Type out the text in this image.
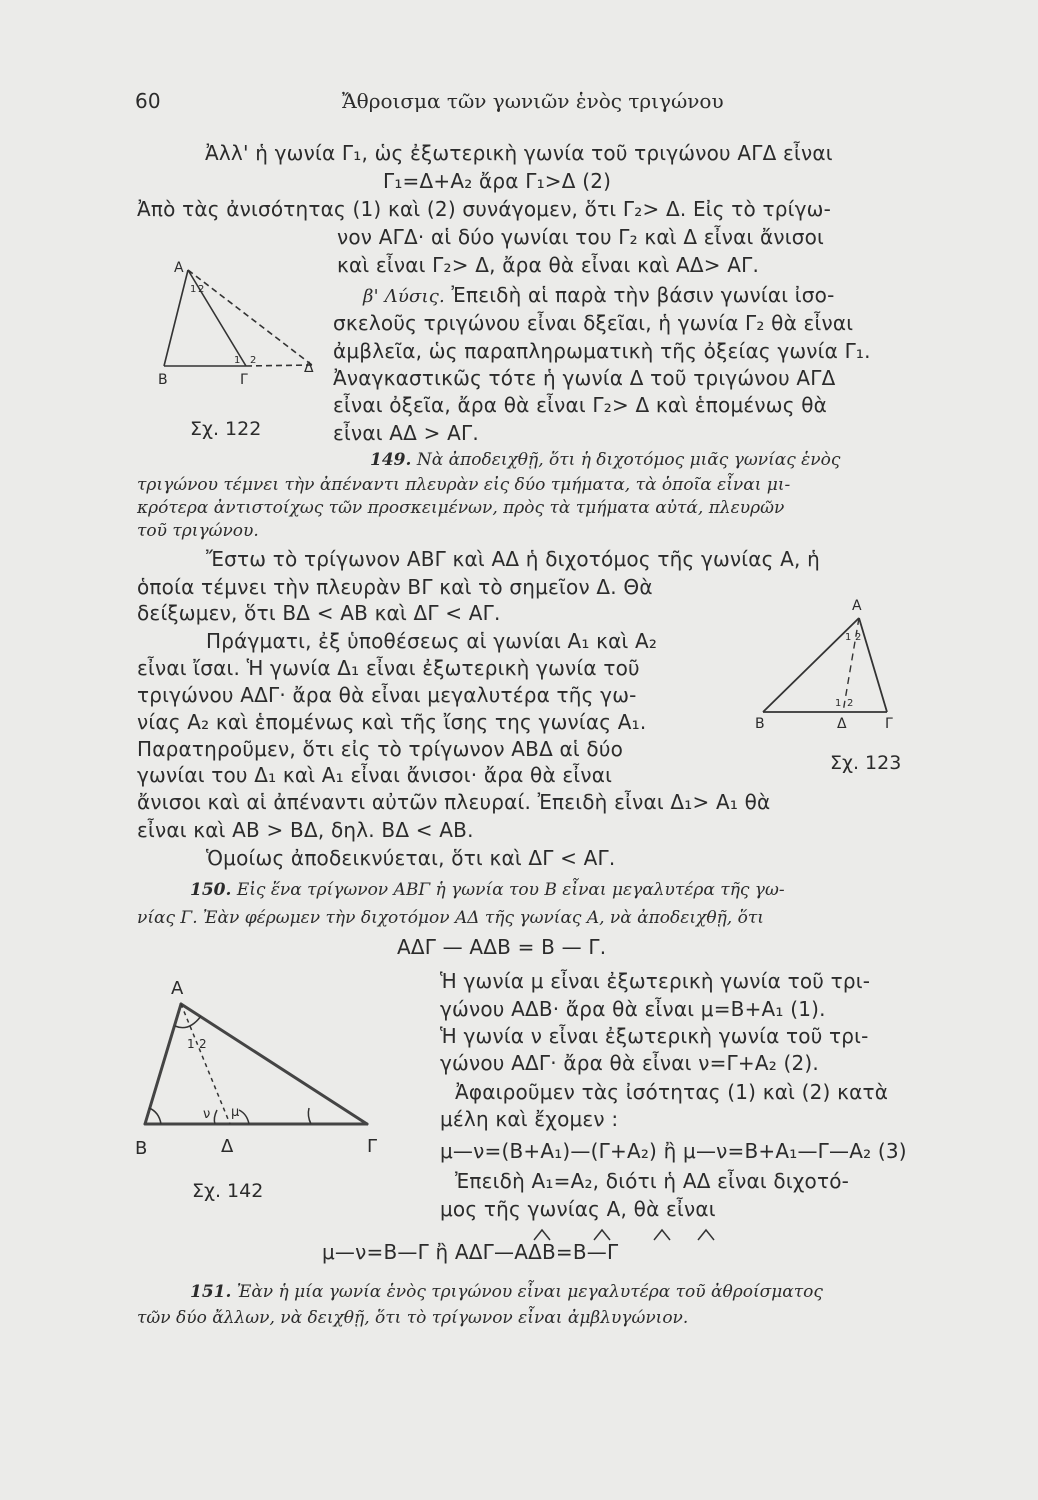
60	Ἄθροισμα τῶν γωνιῶν ἑνὸς τριγώνου
Ἀλλ' ἡ γωνία Γ₁, ὡς ἐξωτερικὴ γωνία τοῦ τριγώνου ΑΓΔ εἶναι
Γ₁=Δ+Α₂ ἄρα Γ₁>Δ (2)
Ἀπὸ τὰς ἀνισότητας (1) καὶ (2) συνάγομεν, ὅτι Γ₂> Δ. Εἰς τὸ τρίγω-
νον ΑΓΔ· αἱ δύο γωνίαι του Γ₂ καὶ Δ εἶναι ἄνισοι
καὶ εἶναι Γ₂> Δ, ἄρα θὰ εἶναι καὶ ΑΔ> ΑΓ.
β' Λύσις. Ἐπειδὴ αἱ παρὰ τὴν βάσιν γωνίαι ἰσο-
σκελοῦς τριγώνου εἶναι δξεῖαι, ἡ γωνία Γ₂ θὰ εἶναι
ἀμβλεῖα, ὡς παραπληρωματικὴ τῆς ὀξείας γωνία Γ₁.
Ἀναγκαστικῶς τότε ἡ γωνία Δ τοῦ τριγώνου ΑΓΔ
εἶναι ὀξεῖα, ἄρα θὰ εἶναι Γ₂> Δ καὶ ἑπομένως θὰ
εἶναι ΑΔ > ΑΓ.
Α
1 2
1 2
Β	Γ
Δ
Σχ. 122
149. Νὰ ἀποδειχθῇ, ὅτι ἡ διχοτόμος μιᾶς γωνίας ἑνὸς
τριγώνου τέμνει τὴν ἀπέναντι πλευρὰν εἰς δύο τμήματα, τὰ ὁποῖα εἶναι μι-
κρότερα ἀντιστοίχως τῶν προσκειμένων, πρὸς τὰ τμήματα αὐτά, πλευρῶν
τοῦ τριγώνου.
Ἔστω τὸ τρίγωνον ΑΒΓ καὶ ΑΔ ἡ διχοτόμος τῆς γωνίας Α, ἡ
ὁποία τέμνει τὴν πλευρὰν ΒΓ καὶ τὸ σημεῖον Δ. Θὰ
δείξωμεν, ὅτι ΒΔ < ΑΒ καὶ ΔΓ < ΑΓ.
Πράγματι, ἐξ ὑποθέσεως αἱ γωνίαι Α₁ καὶ Α₂
εἶναι ἴσαι. Ἡ γωνία Δ₁ εἶναι ἐξωτερικὴ γωνία τοῦ
τριγώνου ΑΔΓ· ἄρα θὰ εἶναι μεγαλυτέρα τῆς γω-
νίας Α₂ καὶ ἑπομένως καὶ τῆς ἴσης της γωνίας Α₁.
Παρατηροῦμεν, ὅτι εἰς τὸ τρίγωνον ΑΒΔ αἱ δύο
γωνίαι του Δ₁ καὶ Α₁ εἶναι ἄνισοι· ἄρα θὰ εἶναι
ἄνισοι καὶ αἱ ἀπέναντι αὐτῶν πλευραί. Ἐπειδὴ εἶναι Δ₁> Α₁ θὰ
εἶναι καὶ ΑΒ > ΒΔ, δηλ. ΒΔ < ΑΒ.
Ὁμοίως ἀποδεικνύεται, ὅτι καὶ ΔΓ < ΑΓ.
Α
1 2
1 2
Β	Δ	Γ
Σχ. 123
150. Εἰς ἕνα τρίγωνον ΑΒΓ ἡ γωνία του Β εἶναι μεγαλυτέρα τῆς γω-
νίας Γ. Ἐὰν φέρωμεν τὴν διχοτόμον ΑΔ τῆς γωνίας Α, νὰ ἀποδειχθῇ, ὅτι
ΑΔΓ — ΑΔΒ = Β — Γ.
Ἡ γωνία μ εἶναι ἐξωτερικὴ γωνία τοῦ τρι-
γώνου ΑΔΒ· ἄρα θὰ εἶναι μ=Β+Α₁ (1).
Ἡ γωνία ν εἶναι ἐξωτερικὴ γωνία τοῦ τρι-
γώνου ΑΔΓ· ἄρα θὰ εἶναι ν=Γ+Α₂ (2).
Ἀφαιροῦμεν τὰς ἰσότητας (1) καὶ (2) κατὰ
μέλη καὶ ἔχομεν :
μ—ν=(Β+Α₁)—(Γ+Α₂) ἢ μ—ν=Β+Α₁—Γ—Α₂ (3)
Ἐπειδὴ Α₁=Α₂, διότι ἡ ΑΔ εἶναι διχοτό-
μος τῆς γωνίας Α, θὰ εἶναι
μ—ν=Β—Γ ἢ ΑΔΓ—ΑΔΒ=Β—Γ
Α
1 2
ν μ
Β	Δ	Γ
Σχ. 142
151. Ἐὰν ἡ μία γωνία ἑνὸς τριγώνου εἶναι μεγαλυτέρα τοῦ ἀθροίσματος
τῶν δύο ἄλλων, νὰ δειχθῇ, ὅτι τὸ τρίγωνον εἶναι ἀμβλυγώνιον.
